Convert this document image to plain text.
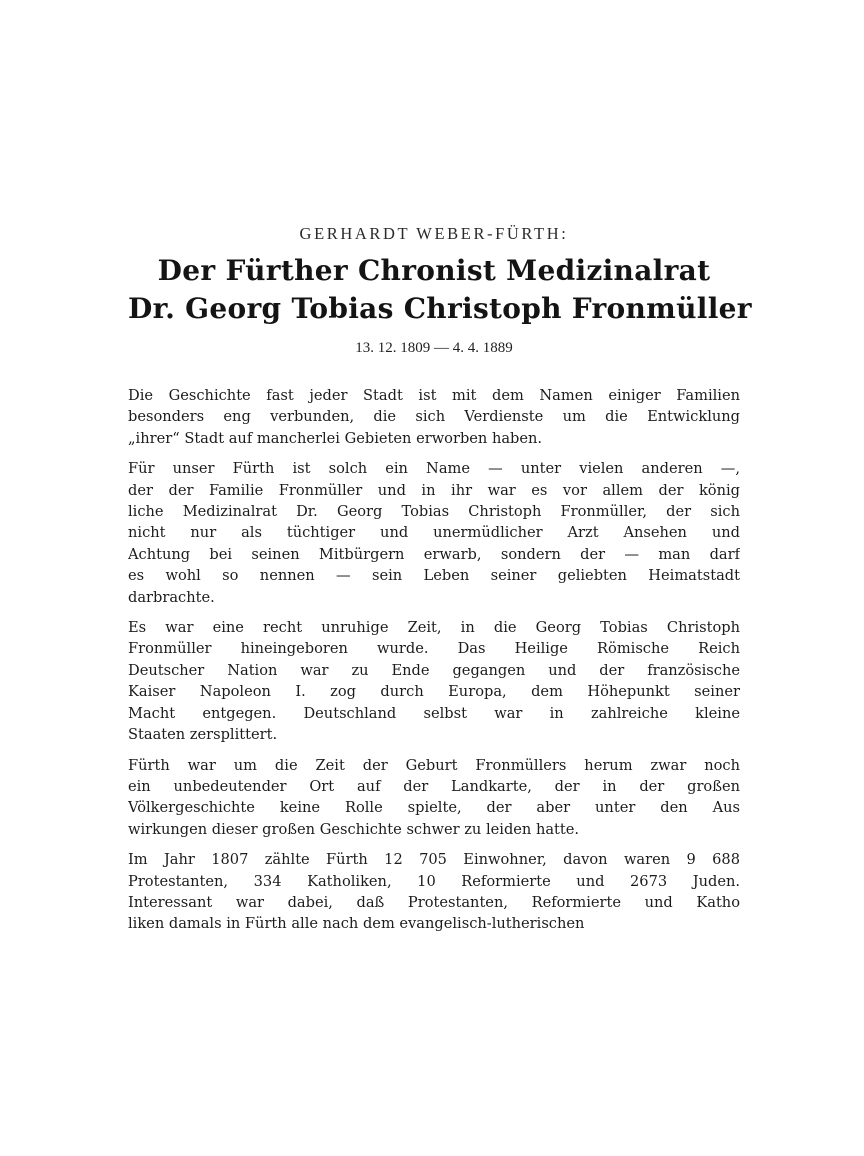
GERHARDT WEBER-FÜRTH:
Der Fürther Chronist Medizinalrat
Dr. Georg Tobias Christoph Fronmüller
13. 12. 1809 — 4. 4. 1889

Die Geschichte fast jeder Stadt ist mit dem Namen einiger Familien
besonders eng verbunden, die sich Verdienste um die Entwicklung
„ihrer“ Stadt auf mancherlei Gebieten erworben haben.

Für unser Fürth ist solch ein Name — unter vielen anderen —,
der der Familie Fronmüller und in ihr war es vor allem der könig
liche Medizinalrat Dr. Georg Tobias Christoph Fronmüller, der sich
nicht nur als tüchtiger und unermüdlicher Arzt Ansehen und
Achtung bei seinen Mitbürgern erwarb, sondern der — man darf
es wohl so nennen — sein Leben seiner geliebten Heimatstadt
darbrachte.

Es war eine recht unruhige Zeit, in die Georg Tobias Christoph
Fronmüller hineingeboren wurde. Das Heilige Römische Reich
Deutscher Nation war zu Ende gegangen und der französische
Kaiser Napoleon I. zog durch Europa, dem Höhepunkt seiner
Macht entgegen. Deutschland selbst war in zahlreiche kleine
Staaten zersplittert.

Fürth war um die Zeit der Geburt Fronmüllers herum zwar noch
ein unbedeutender Ort auf der Landkarte, der in der großen
Völkergeschichte keine Rolle spielte, der aber unter den Aus
wirkungen dieser großen Geschichte schwer zu leiden hatte.

Im Jahr 1807 zählte Fürth 12 705 Einwohner, davon waren 9 688
Protestanten, 334 Katholiken, 10 Reformierte und 2673 Juden.
Interessant war dabei, daß Protestanten, Reformierte und Katho
liken damals in Fürth alle nach dem evangelisch-lutherischen
